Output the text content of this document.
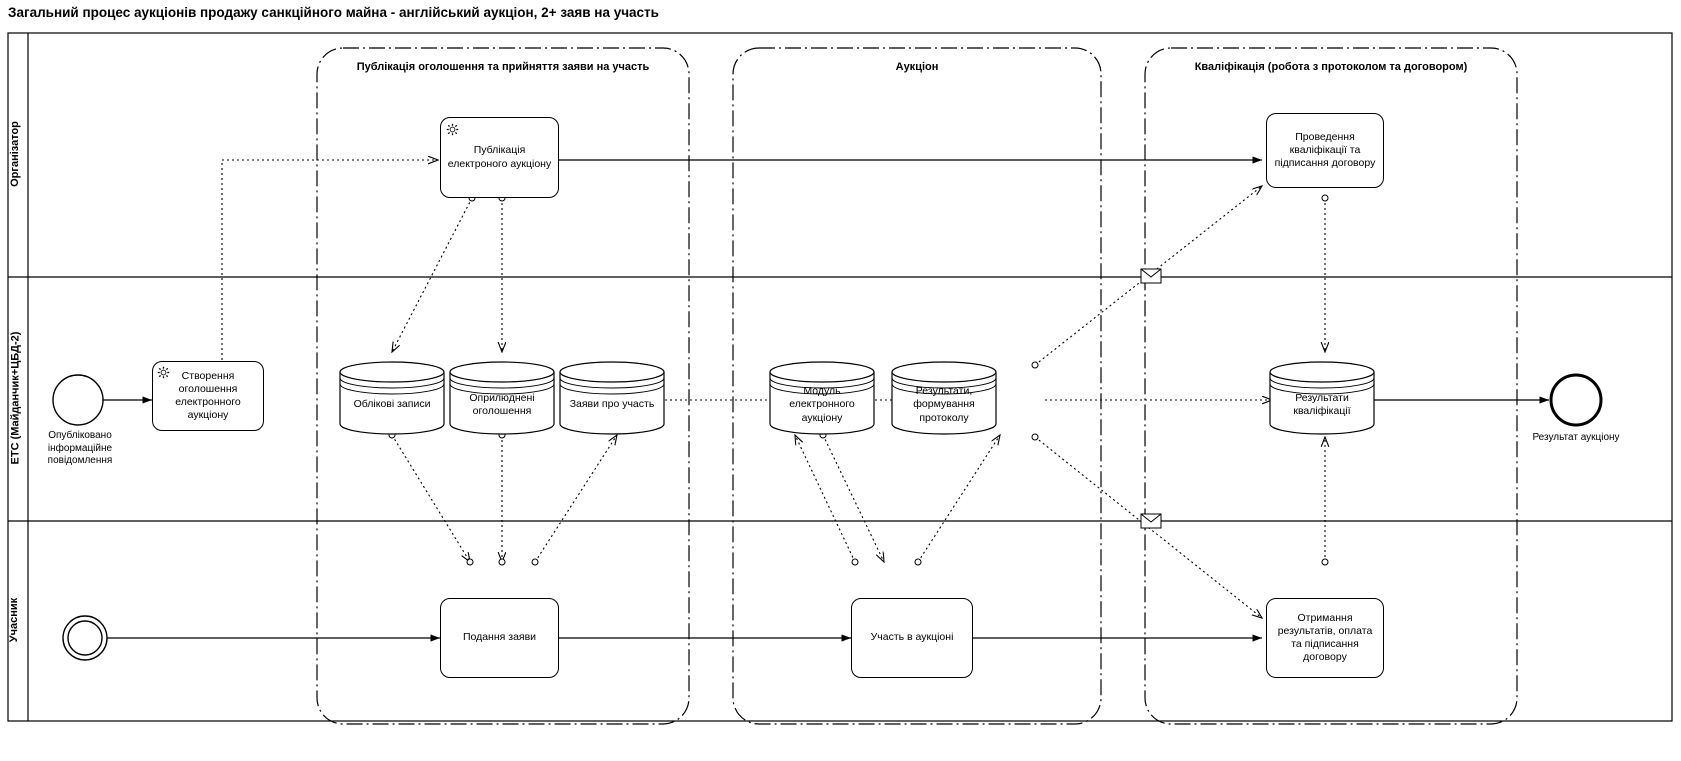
Загальний процес аукціонів продажу санкційного майна - англійський аукціон, 2+ заяв на участь
Організатор
ЕТС (Майданчик+ЦБД-2)
Учасник
Публікація оголошення та прийняття заяви на участь	Аукціон	Кваліфікація (робота з протоколом та договором)
Публікація електроного аукціону
Проведення кваліфікації та підписання договору
Створення оголошення електронного аукціону
Подання заяви	Участь в аукціоні
Отримання результатів, оплата та підписання договору
Облікові записи
Оприлюднені оголошення
Заяви про участь
Модуль електронного аукціону
Результати, формування протоколу
Результати кваліфікації
Опубліковано інформаційне повідомлення
Результат аукціону
